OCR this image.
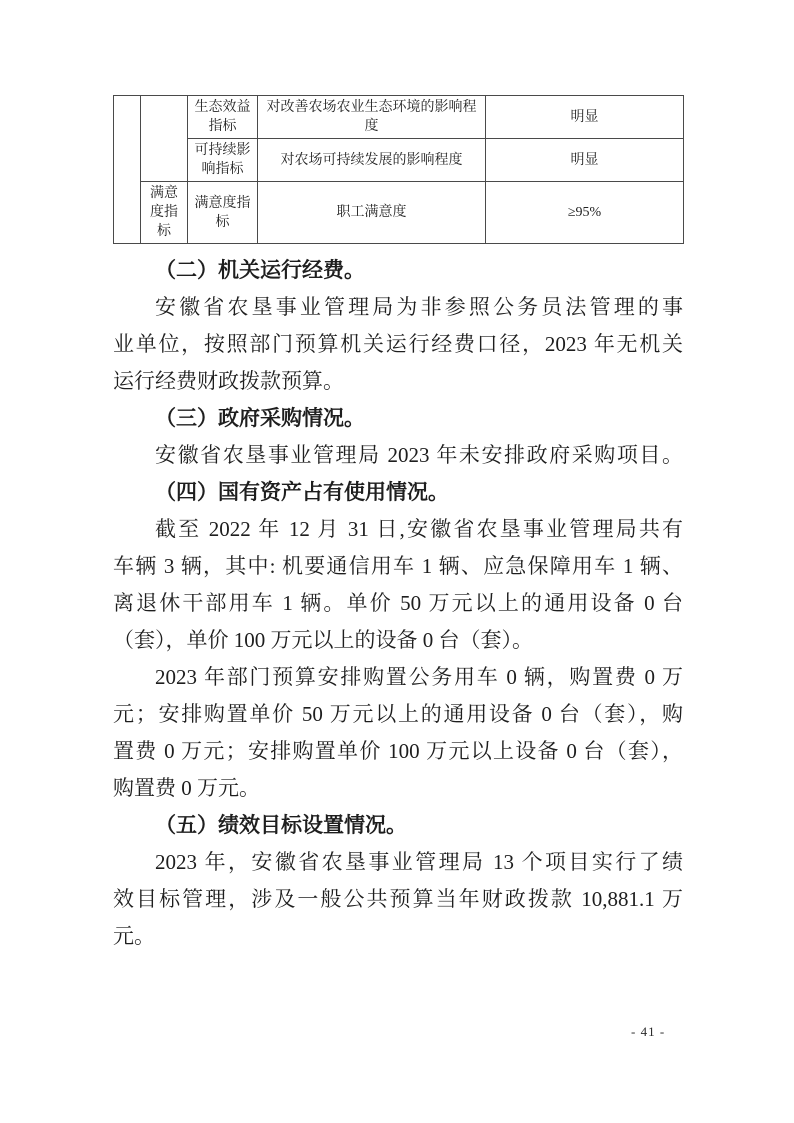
		生态效益指标	对改善农场农业生态环境的影响程度	明显
		可持续影响指标	对农场可持续发展的影响程度	明显
	满意度指标	满意度指标	职工满意度	≥95%
（二）机关运行经费。
安徽省农垦事业管理局为非参照公务员法管理的事
业单位，按照部门预算机关运行经费口径，2023 年无机关
运行经费财政拨款预算。
（三）政府采购情况。
安徽省农垦事业管理局 2023 年未安排政府采购项目。
（四）国有资产占有使用情况。
截至 2022 年 12 月 31 日,安徽省农垦事业管理局共有
车辆 3 辆，其中: 机要通信用车 1 辆、应急保障用车 1 辆、
离退休干部用车 1 辆。单价 50 万元以上的通用设备 0 台
（套），单价 100 万元以上的设备 0 台（套）。
2023 年部门预算安排购置公务用车 0 辆，购置费 0 万
元；安排购置单价 50 万元以上的通用设备 0 台（套），购
置费 0 万元；安排购置单价 100 万元以上设备 0 台（套），
购置费 0 万元。
（五）绩效目标设置情况。
2023 年，安徽省农垦事业管理局 13 个项目实行了绩
效目标管理，涉及一般公共预算当年财政拨款 10,881.1 万
元。
- 41 -
